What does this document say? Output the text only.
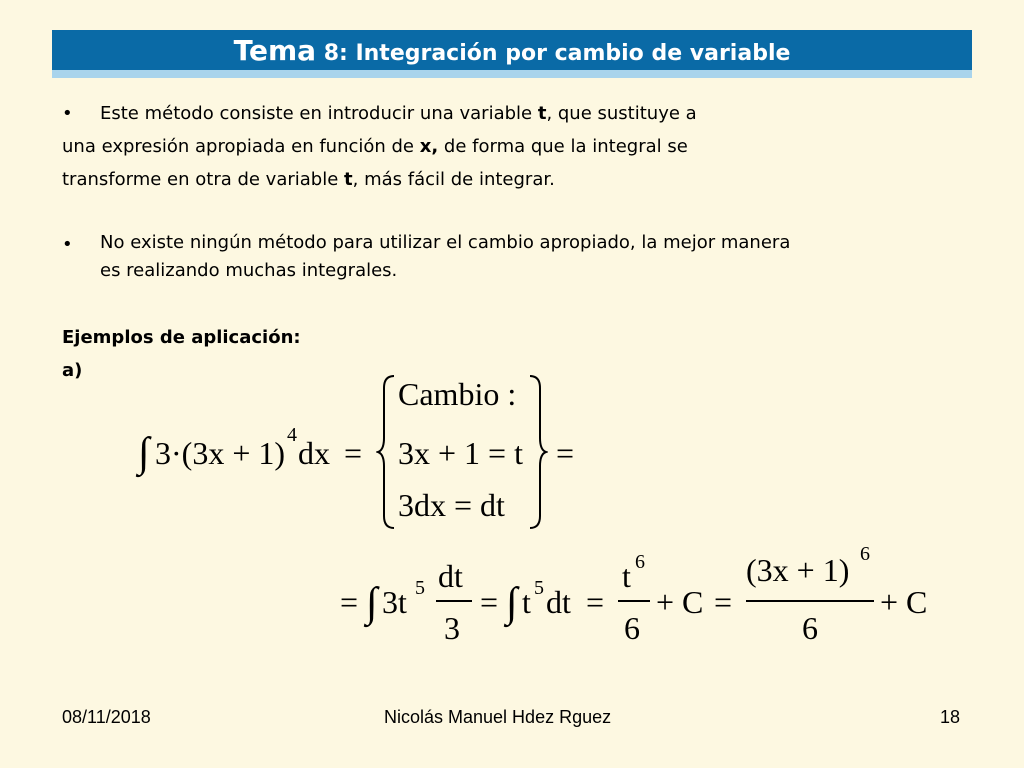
Tema 8: Integración por cambio de variable
• Este método consiste en introducir una variable t, que sustituye a
una expresión apropiada en función de x, de forma que la integral se
transforme en otra de variable t, más fácil de integrar.
• No existe ningún método para utilizar el cambio apropiado, la mejor manera
es realizando muchas integrales.
Ejemplos de aplicación:
a)
∫ 3·(3x + 1) 4 dx =
Cambio :
3x + 1 = t
3dx = dt
=
= ∫ 3t 5 dt
3
= ∫ t 5 dt =
t 6
6
+ C =
(3x + 1) 6
6
+ C
08/11/2018	Nicolás Manuel Hdez Rguez	18
